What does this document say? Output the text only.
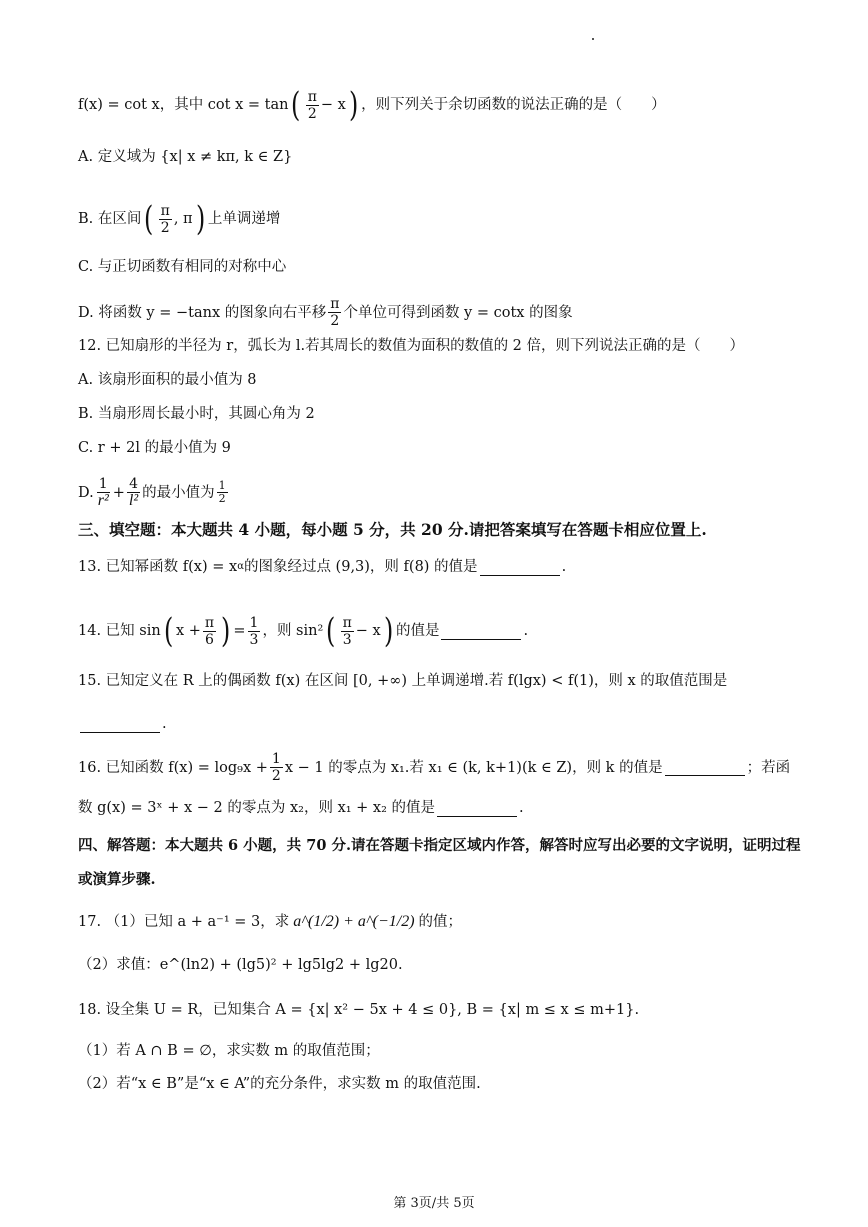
f(x) = cot x，其中 cot x = tan ( $\frac{\pi}{2} - x$ ) ，则下列关于余切函数的说法正确的是（　　）
A. 定义域为 {x| x ≠ kπ, k ∈ Z}
B. 在区间 ( $\frac{\pi}{2}$ , π ) 上单调递增
C. 与正切函数有相同的对称中心
D. 将函数 y = −tanx 的图象向右平移 $\frac{\pi}{2}$ 个单位可得到函数 y = cotx 的图象
12. 已知扇形的半径为 r，弧长为 l.若其周长的数值为面积的数值的 2 倍，则下列说法正确的是（　　）
A. 该扇形面积的最小值为 8
B. 当扇形周长最小时，其圆心角为 2
C. r + 2l 的最小值为 9
D. $\frac{1}{\text{r²}} + \frac{4}{\text{l²}}$ 的最小值为 $\frac{1}{2}$
三、填空题：本大题共 4 小题，每小题 5 分，共 20 分.请把答案填写在答题卡相应位置上.
13. 已知幂函数 f(x) = x α 的图象经过点 (9,3)，则 f(8) 的值是	.
14. 已知 sin ( $x + \frac{\pi}{6}$ ) = $\frac{1}{3}$ ，则 sin² ( $\frac{\pi}{3} - x$ ) 的值是	.
15. 已知定义在 R 上的偶函数 f(x) 在区间 [0, +∞) 上单调递增.若 f(lgx) < f(1)，则 x 的取值范围是
.
16. 已知函数 $f(x) = \log_9x + \frac{1}{2}$ x − 1 的零点为 x₁.若 x₁ ∈ (k, k+1)(k ∈ Z)，则 k 的值是	；若函
数 g(x) = 3ˣ + x − 2 的零点为 x₂，则 x₁ + x₂ 的值是	.
四、解答题：本大题共 6 小题，共 70 分.请在答题卡指定区域内作答，解答时应写出必要的文字说明，证明过程或演算步骤.
17. （1）已知 a + a⁻¹ = 3，求 a^(1/2) + a^(−1/2) 的值；
（2）求值：e^(ln2) + (lg5)² + lg5lg2 + lg20.
18. 设全集 U = R，已知集合 A = {x| x² − 5x + 4 ≤ 0}, B = {x| m ≤ x ≤ m+1}.
（1）若 A ∩ B = ∅，求实数 m 的取值范围；
（2）若“x ∈ B”是“x ∈ A”的充分条件，求实数 m 的取值范围.
第 3页/共 5页
